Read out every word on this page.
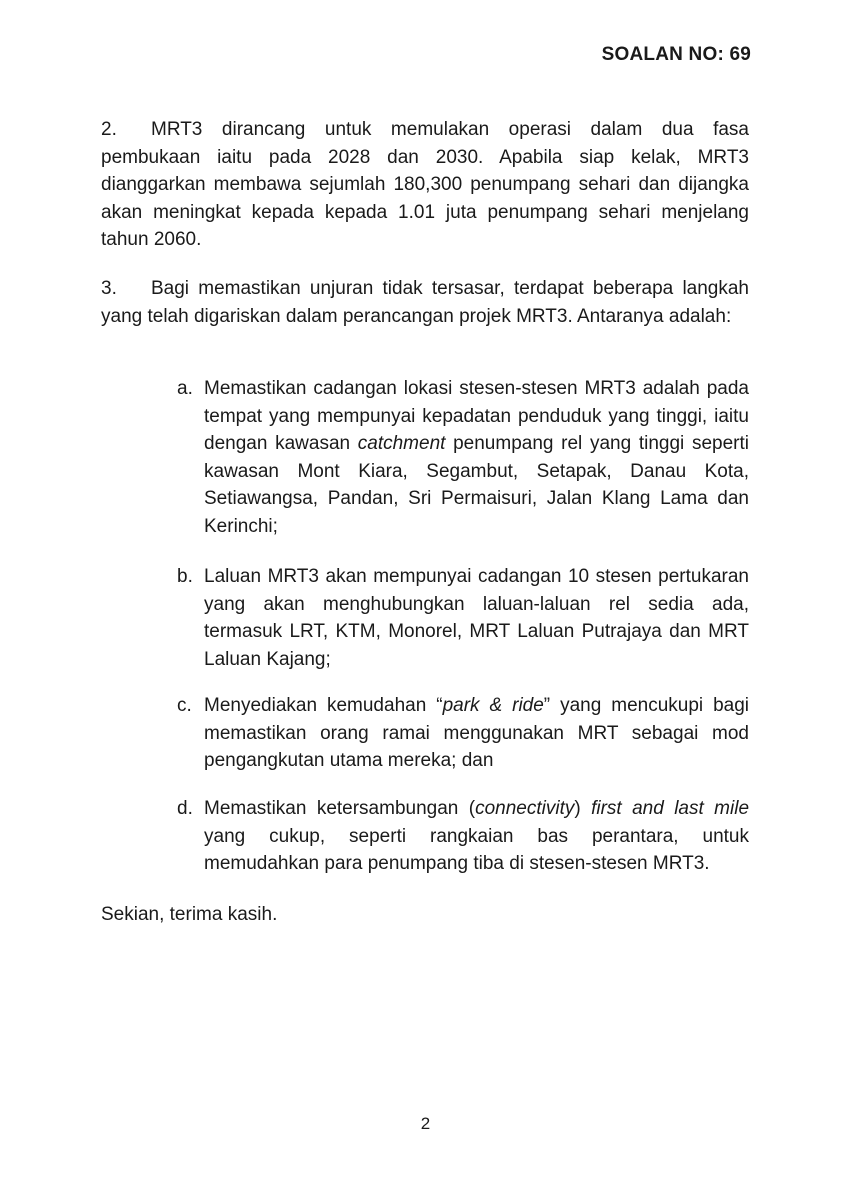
SOALAN NO: 69

2. MRT3 dirancang untuk memulakan operasi dalam dua fasa pembukaan iaitu pada 2028 dan 2030. Apabila siap kelak, MRT3 dianggarkan membawa sejumlah 180,300 penumpang sehari dan dijangka akan meningkat kepada kepada 1.01 juta penumpang sehari menjelang tahun 2060.

3. Bagi memastikan unjuran tidak tersasar, terdapat beberapa langkah yang telah digariskan dalam perancangan projek MRT3. Antaranya adalah:

a. Memastikan cadangan lokasi stesen-stesen MRT3 adalah pada tempat yang mempunyai kepadatan penduduk yang tinggi, iaitu dengan kawasan catchment penumpang rel yang tinggi seperti kawasan Mont Kiara, Segambut, Setapak, Danau Kota, Setiawangsa, Pandan, Sri Permaisuri, Jalan Klang Lama dan Kerinchi;
b. Laluan MRT3 akan mempunyai cadangan 10 stesen pertukaran yang akan menghubungkan laluan-laluan rel sedia ada, termasuk LRT, KTM, Monorel, MRT Laluan Putrajaya dan MRT Laluan Kajang;
c. Menyediakan kemudahan “park & ride” yang mencukupi bagi memastikan orang ramai menggunakan MRT sebagai mod pengangkutan utama mereka; dan
d. Memastikan ketersambungan (connectivity) first and last mile yang cukup, seperti rangkaian bas perantara, untuk memudahkan para penumpang tiba di stesen-stesen MRT3.
Sekian, terima kasih.
2
